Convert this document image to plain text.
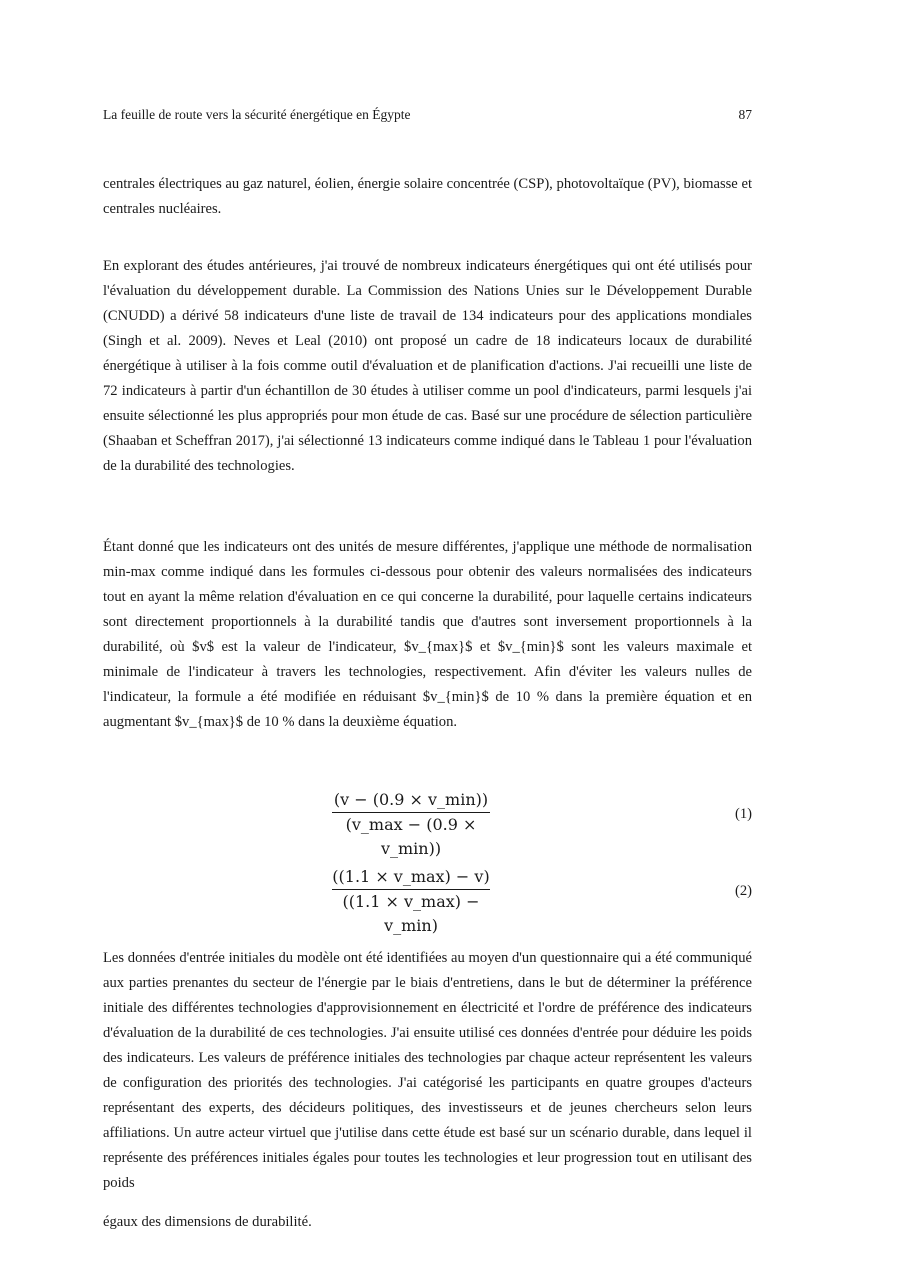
La feuille de route vers la sécurité énergétique en Égypte	87

centrales électriques au gaz naturel, éolien, énergie solaire concentrée (CSP), photovoltaïque (PV), biomasse et centrales nucléaires.

En explorant des études antérieures, j'ai trouvé de nombreux indicateurs énergétiques qui ont été utilisés pour l'évaluation du développement durable. La Commission des Nations Unies sur le Développement Durable (CNUDD) a dérivé 58 indicateurs d'une liste de travail de 134 indicateurs pour des applications mondiales (Singh et al. 2009). Neves et Leal (2010) ont proposé un cadre de 18 indicateurs locaux de durabilité énergétique à utiliser à la fois comme outil d'évaluation et de planification d'actions. J'ai recueilli une liste de 72 indicateurs à partir d'un échantillon de 30 études à utiliser comme un pool d'indicateurs, parmi lesquels j'ai ensuite sélectionné les plus appropriés pour mon étude de cas. Basé sur une procédure de sélection particulière (Shaaban et Scheffran 2017), j'ai sélectionné 13 indicateurs comme indiqué dans le Tableau 1 pour l'évaluation de la durabilité des technologies.

Étant donné que les indicateurs ont des unités de mesure différentes, j'applique une méthode de normalisation min-max comme indiqué dans les formules ci-dessous pour obtenir des valeurs normalisées des indicateurs tout en ayant la même relation d'évaluation en ce qui concerne la durabilité, pour laquelle certains indicateurs sont directement proportionnels à la durabilité tandis que d'autres sont inversement proportionnels à la durabilité, où $v$ est la valeur de l'indicateur, $v_{max}$ et $v_{min}$ sont les valeurs maximale et minimale de l'indicateur à travers les technologies, respectivement. Afin d'éviter les valeurs nulles de l'indicateur, la formule a été modifiée en réduisant $v_{min}$ de 10 % dans la première équation et en augmentant $v_{max}$ de 10 % dans la deuxième équation.

(v − (0.9 × v_min))
(v_max − (0.9 × v_min))
(1)
((1.1 × v_max) − v)
((1.1 × v_max) − v_min)
(2)

Les données d'entrée initiales du modèle ont été identifiées au moyen d'un questionnaire qui a été communiqué aux parties prenantes du secteur de l'énergie par le biais d'entretiens, dans le but de déterminer la préférence initiale des différentes technologies d'approvisionnement en électricité et l'ordre de préférence des indicateurs d'évaluation de la durabilité de ces technologies. J'ai ensuite utilisé ces données d'entrée pour déduire les poids des indicateurs. Les valeurs de préférence initiales des technologies par chaque acteur représentent les valeurs de configuration des priorités des technologies. J'ai catégorisé les participants en quatre groupes d'acteurs représentant des experts, des décideurs politiques, des investisseurs et de jeunes chercheurs selon leurs affiliations. Un autre acteur virtuel que j'utilise dans cette étude est basé sur un scénario durable, dans lequel il représente des préférences initiales égales pour toutes les technologies et leur progression tout en utilisant des poids

égaux des dimensions de durabilité.
